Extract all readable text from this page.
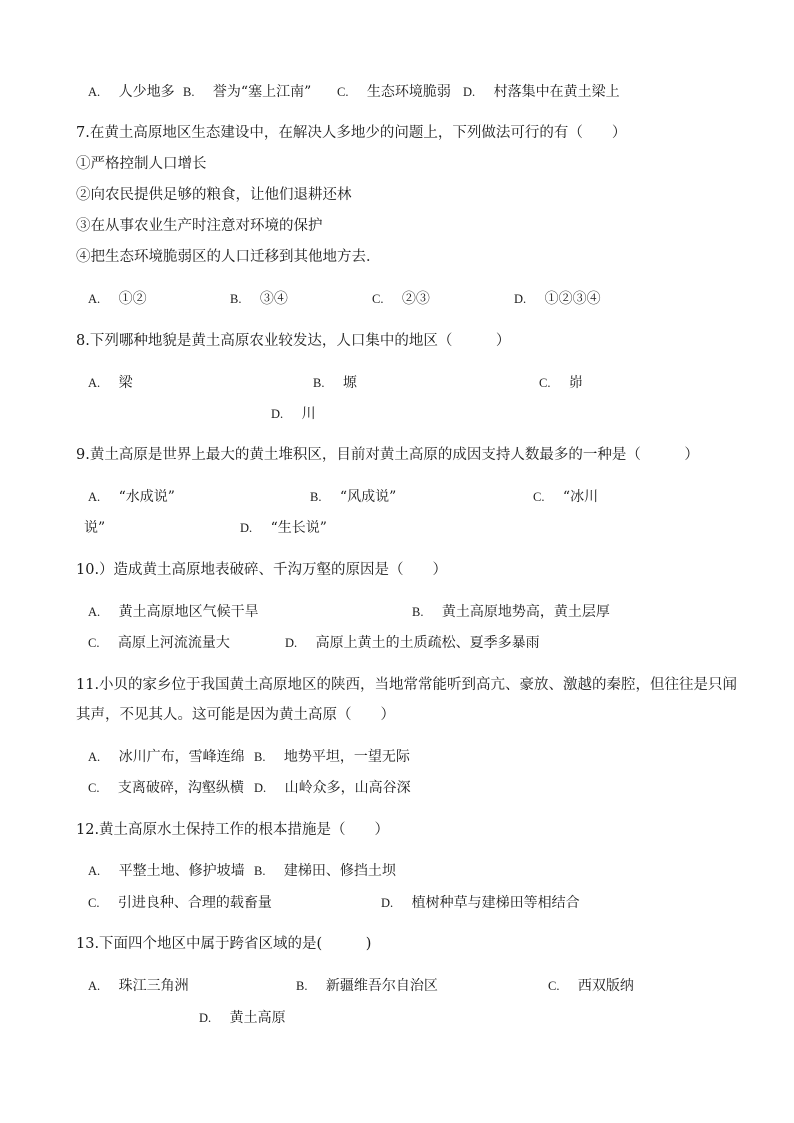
A.　 人少地多 B.　 誉为“塞上江南” C.　 生态环境脆弱 D.　 村落集中在黄土梁上
7.在黄土高原地区生态建设中，在解决人多地少的问题上，下列做法可行的有（　　）
①严格控制人口增长
②向农民提供足够的粮食，让他们退耕还林
③在从事农业生产时注意对环境的保护
④把生态环境脆弱区的人口迁移到其他地方去．
A.　 ①②	B.　 ③④	C.　 ②③	D.　 ①②③④
8.下列哪种地貌是黄土高原农业较发达，人口集中的地区（　　　）
A.　 梁	B.　 塬	C.　 峁
D.　 川
9.黄土高原是世界上最大的黄土堆积区，目前对黄土高原的成因支持人数最多的一种是（　　　）
A.　 “水成说”	B.　 “风成说”	C.　 “冰川
说”	D.　 “生长说”
10.）造成黄土高原地表破碎、千沟万壑的原因是（　　）
A.　 黄土高原地区气候干旱	B.　 黄土高原地势高，黄土层厚
C.　 高原上河流流量大	D.　 高原上黄土的土质疏松、夏季多暴雨
11.小贝的家乡位于我国黄土高原地区的陕西，当地常常能听到高亢、豪放、激越的秦腔，但往往是只闻
其声，不见其人。这可能是因为黄土高原（　　）
A.　 冰川广布，雪峰连绵 B.　 地势平坦，一望无际
C.　 支离破碎，沟壑纵横 D.　 山岭众多，山高谷深
12.黄土高原水土保持工作的根本措施是（　　）
A.　 平整土地、修护坡墙 B.　 建梯田、修挡土坝
C.　 引进良种、合理的载畜量	D.　 植树种草与建梯田等相结合
13.下面四个地区中属于跨省区域的是(　　　)
A.　 珠江三角洲	B.　 新疆维吾尔自治区	C.　 西双版纳
D.　 黄土高原
